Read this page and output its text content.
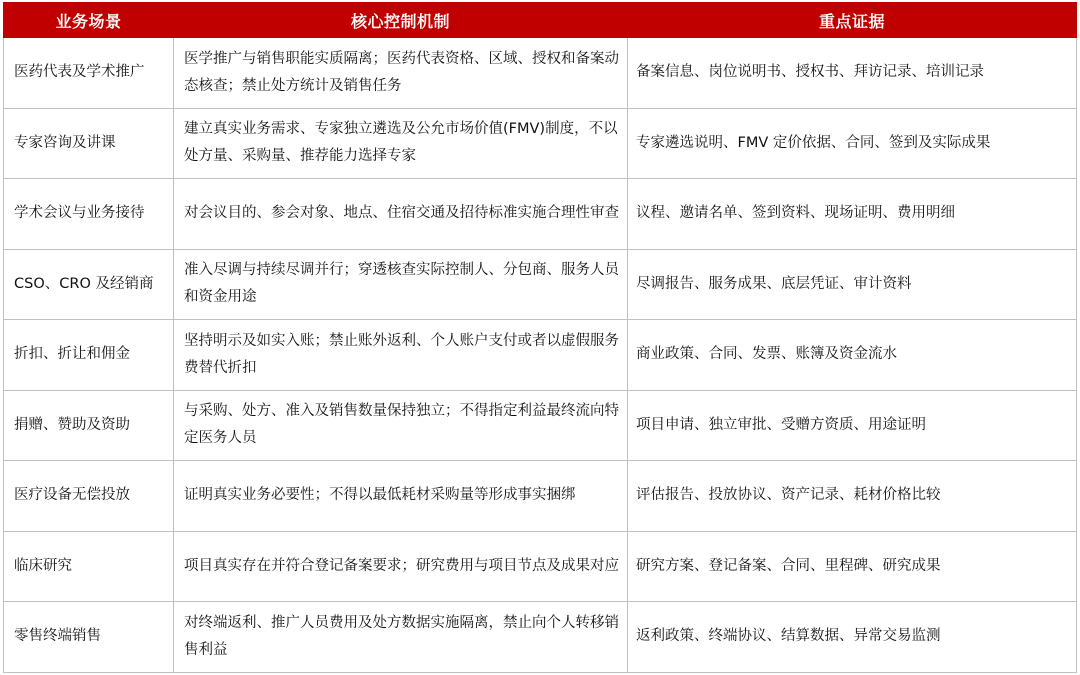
业务场景	核心控制机制	重点证据
医药代表及学术推广	医学推广与销售职能实质隔离；医药代表资格、区域、授权和备案动态核查；禁止处方统计及销售任务	备案信息、岗位说明书、授权书、拜访记录、培训记录
专家咨询及讲课	建立真实业务需求、专家独立遴选及公允市场价值(FMV)制度，不以处方量、采购量、推荐能力选择专家	专家遴选说明、FMV 定价依据、合同、签到及实际成果
学术会议与业务接待	对会议目的、参会对象、地点、住宿交通及招待标准实施合理性审查	议程、邀请名单、签到资料、现场证明、费用明细
CSO、CRO 及经销商	准入尽调与持续尽调并行；穿透核查实际控制人、分包商、服务人员和资金用途	尽调报告、服务成果、底层凭证、审计资料
折扣、折让和佣金	坚持明示及如实入账；禁止账外返利、个人账户支付或者以虚假服务费替代折扣	商业政策、合同、发票、账簿及资金流水
捐赠、赞助及资助	与采购、处方、准入及销售数量保持独立；不得指定利益最终流向特定医务人员	项目申请、独立审批、受赠方资质、用途证明
医疗设备无偿投放	证明真实业务必要性；不得以最低耗材采购量等形成事实捆绑	评估报告、投放协议、资产记录、耗材价格比较
临床研究	项目真实存在并符合登记备案要求；研究费用与项目节点及成果对应	研究方案、登记备案、合同、里程碑、研究成果
零售终端销售	对终端返利、推广人员费用及处方数据实施隔离，禁止向个人转移销售利益	返利政策、终端协议、结算数据、异常交易监测
